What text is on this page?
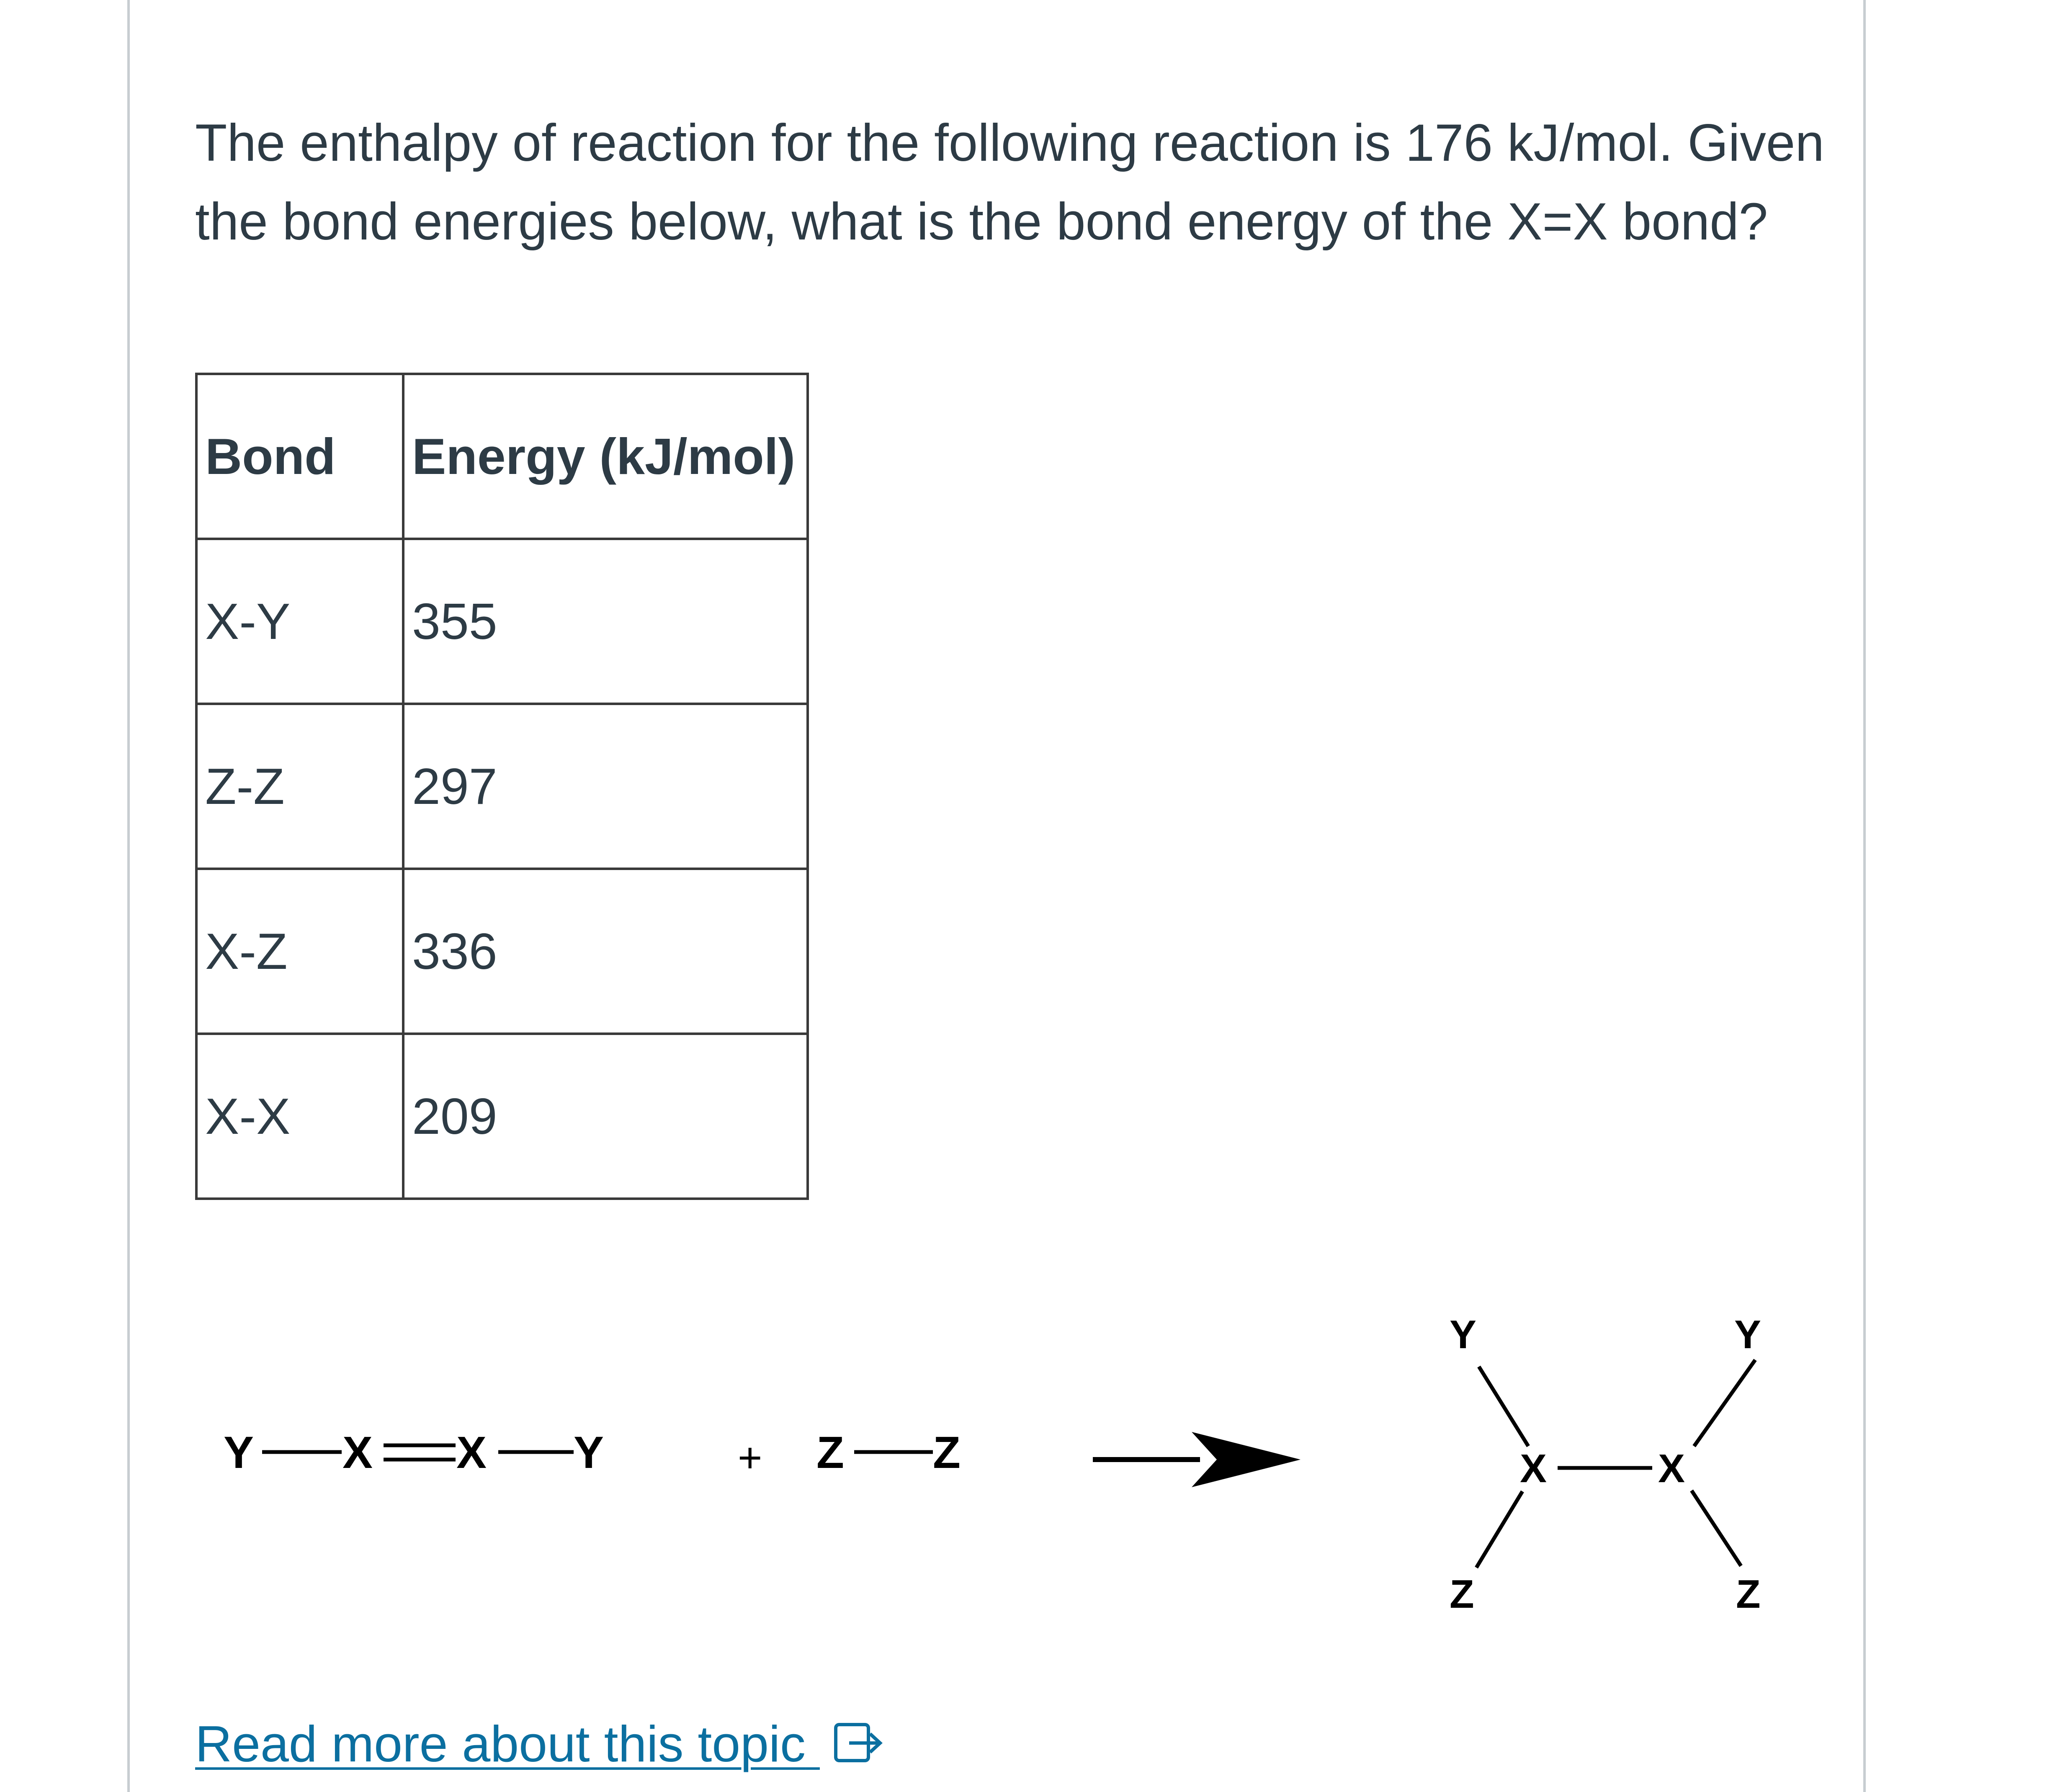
The enthalpy of reaction for the following reaction is 176 kJ/mol. Given the bond energies below, what is the bond energy of the X=X bond?

Bond	Energy (kJ/mol)
X-Y	355
Z-Z	297
X-Z	336
X-X	209
Y X X Y	+ Z Z
Y	Y
X	X
Z	Z
Read more about this topic
